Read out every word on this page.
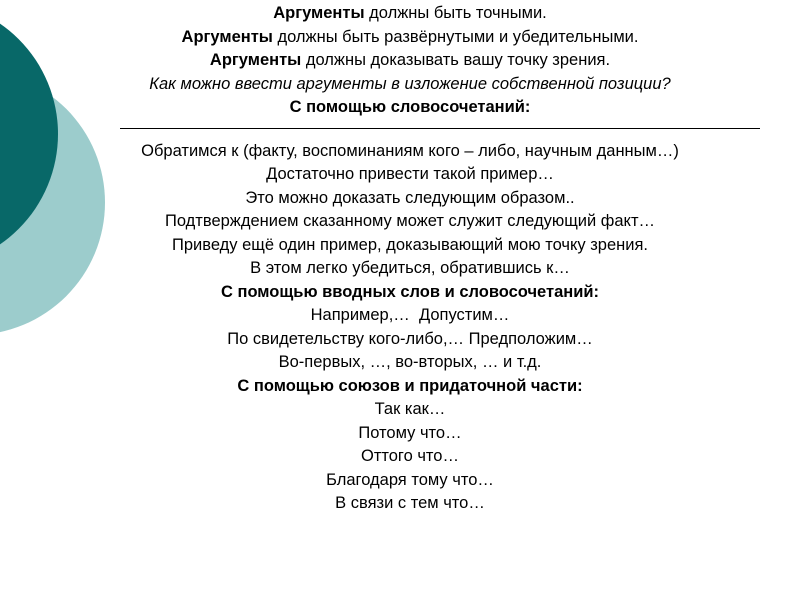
Аргументы должны быть точными.
Аргументы должны быть развёрнутыми и убедительными.
Аргументы должны доказывать вашу точку зрения.
Как можно ввести аргументы в изложение собственной позиции?
С помощью словосочетаний:
Обратимся к (факту, воспоминаниям кого – либо, научным данным…)
Достаточно привести такой пример…
Это можно доказать следующим образом..
Подтверждением сказанному может служит следующий факт…
Приведу ещё один пример, доказывающий мою точку зрения.
В этом легко убедиться, обратившись к…
С помощью вводных слов и словосочетаний:
Например,…  Допустим…
По свидетельству кого-либо,… Предположим…
Во-первых, …, во-вторых, … и т.д.
С помощью союзов и придаточной части:
Так как…
Потому что…
Оттого что…
Благодаря тому что…
В связи с тем что…
